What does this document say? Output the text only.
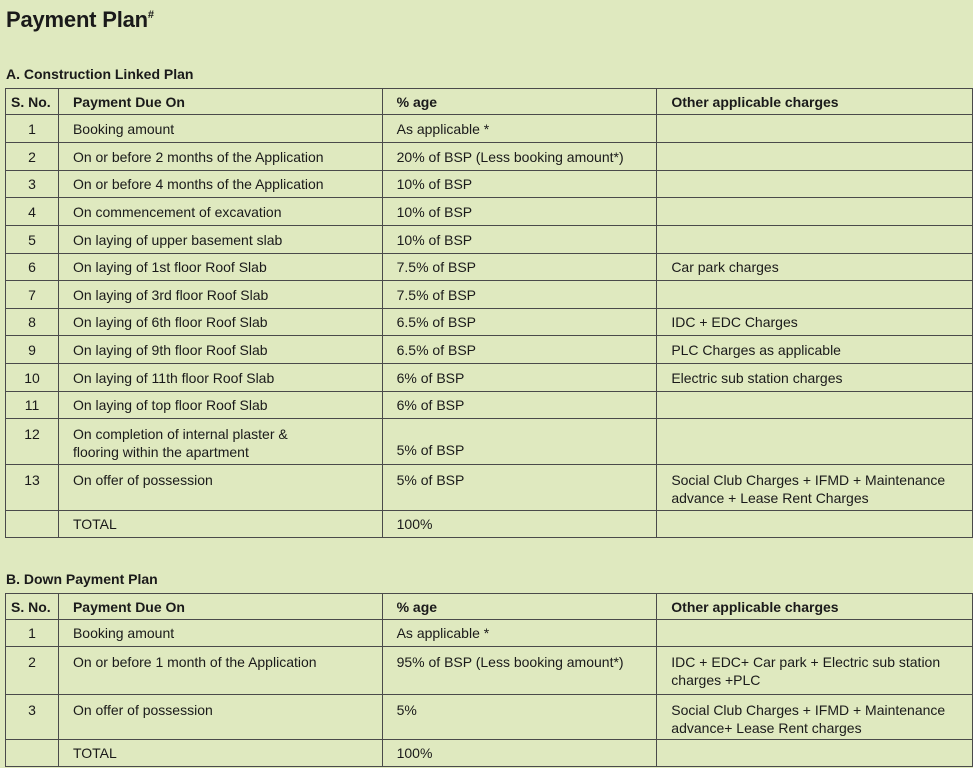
Payment Plan#
A. Construction Linked Plan
S. No.	Payment Due On	% age	Other applicable charges
1	Booking amount	As applicable *	
2	On or before 2 months of the Application	20% of BSP (Less booking amount*)	
3	On or before 4 months of the Application	10% of BSP	
4	On commencement of excavation	10% of BSP	
5	On laying of upper basement slab	10% of BSP	
6	On laying of 1st floor Roof Slab	7.5% of BSP	Car park charges
7	On laying of 3rd floor Roof Slab	7.5% of BSP	
8	On laying of 6th floor Roof Slab	6.5% of BSP	IDC + EDC Charges
9	On laying of 9th floor Roof Slab	6.5% of BSP	PLC Charges as applicable
10	On laying of 11th floor Roof Slab	6% of BSP	Electric sub station charges
11	On laying of top floor Roof Slab	6% of BSP	
12	On completion of internal plaster &
flooring within the apartment	5% of BSP	
13	On offer of possession	5% of BSP	Social Club Charges + IFMD + Maintenance
advance + Lease Rent Charges

	TOTAL	100%	
B. Down Payment Plan
S. No.	Payment Due On	% age	Other applicable charges
1	Booking amount	As applicable *	
2	On or before 1 month of the Application	95% of BSP (Less booking amount*)	IDC + EDC+ Car park + Electric sub station
charges +PLC

3	On offer of possession	5%	Social Club Charges + IFMD + Maintenance
advance+ Lease Rent charges

	TOTAL	100%	
